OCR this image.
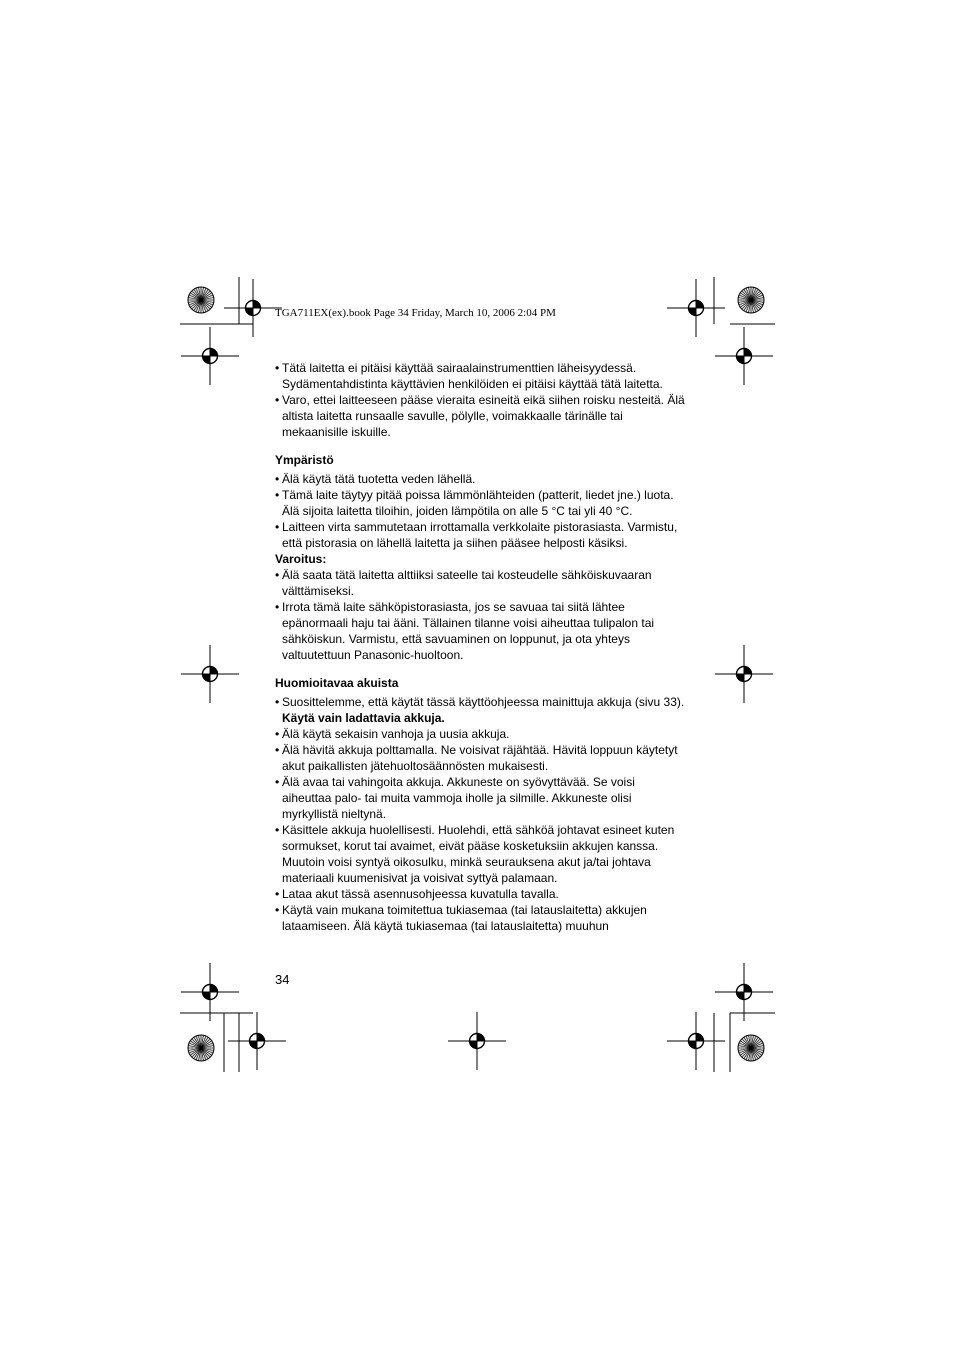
TGA711EX(ex).book Page 34 Friday, March 10, 2006 2:04 PM
• Tätä laitetta ei pitäisi käyttää sairaalainstrumenttien läheisyydessä. Sydämentahdistinta käyttävien henkilöiden ei pitäisi käyttää tätä laitetta.
• Varo, ettei laitteeseen pääse vieraita esineitä eikä siihen roisku nesteitä. Älä altista laitetta runsaalle savulle, pölylle, voimakkaalle tärinälle tai mekaanisille iskuille.
Ympäristö
• Älä käytä tätä tuotetta veden lähellä.
• Tämä laite täytyy pitää poissa lämmönlähteiden (patterit, liedet jne.) luota. Älä sijoita laitetta tiloihin, joiden lämpötila on alle 5 °C tai yli 40 °C.
• Laitteen virta sammutetaan irrottamalla verkkolaite pistorasiasta. Varmistu, että pistorasia on lähellä laitetta ja siihen pääsee helposti käsiksi.
Varoitus:
• Älä saata tätä laitetta alttiiksi sateelle tai kosteudelle sähköiskuvaaran välttämiseksi.
• Irrota tämä laite sähköpistorasiasta, jos se savuaa tai siitä lähtee epänormaali haju tai ääni. Tällainen tilanne voisi aiheuttaa tulipalon tai sähköiskun. Varmistu, että savuaminen on loppunut, ja ota yhteys valtuutettuun Panasonic-huoltoon.
Huomioitavaa akuista
• Suosittelemme, että käytät tässä käyttöohjeessa mainittuja akkuja (sivu 33). Käytä vain ladattavia akkuja.
• Älä käytä sekaisin vanhoja ja uusia akkuja.
• Älä hävitä akkuja polttamalla. Ne voisivat räjähtää. Hävitä loppuun käytetyt akut paikallisten jätehuoltosäännösten mukaisesti.
• Älä avaa tai vahingoita akkuja. Akkuneste on syövyttävää. Se voisi aiheuttaa palo- tai muita vammoja iholle ja silmille. Akkuneste olisi myrkyllistä nieltynä.
• Käsittele akkuja huolellisesti. Huolehdi, että sähköä johtavat esineet kuten sormukset, korut tai avaimet, eivät pääse kosketuksiin akkujen kanssa. Muutoin voisi syntyä oikosulku, minkä seurauksena akut ja/tai johtava materiaali kuumenisivat ja voisivat syttyä palamaan.
• Lataa akut tässä asennusohjeessa kuvatulla tavalla.
• Käytä vain mukana toimitettua tukiasemaa (tai latauslaitetta) akkujen lataamiseen. Älä käytä tukiasemaa (tai latauslaitetta) muuhun
34
